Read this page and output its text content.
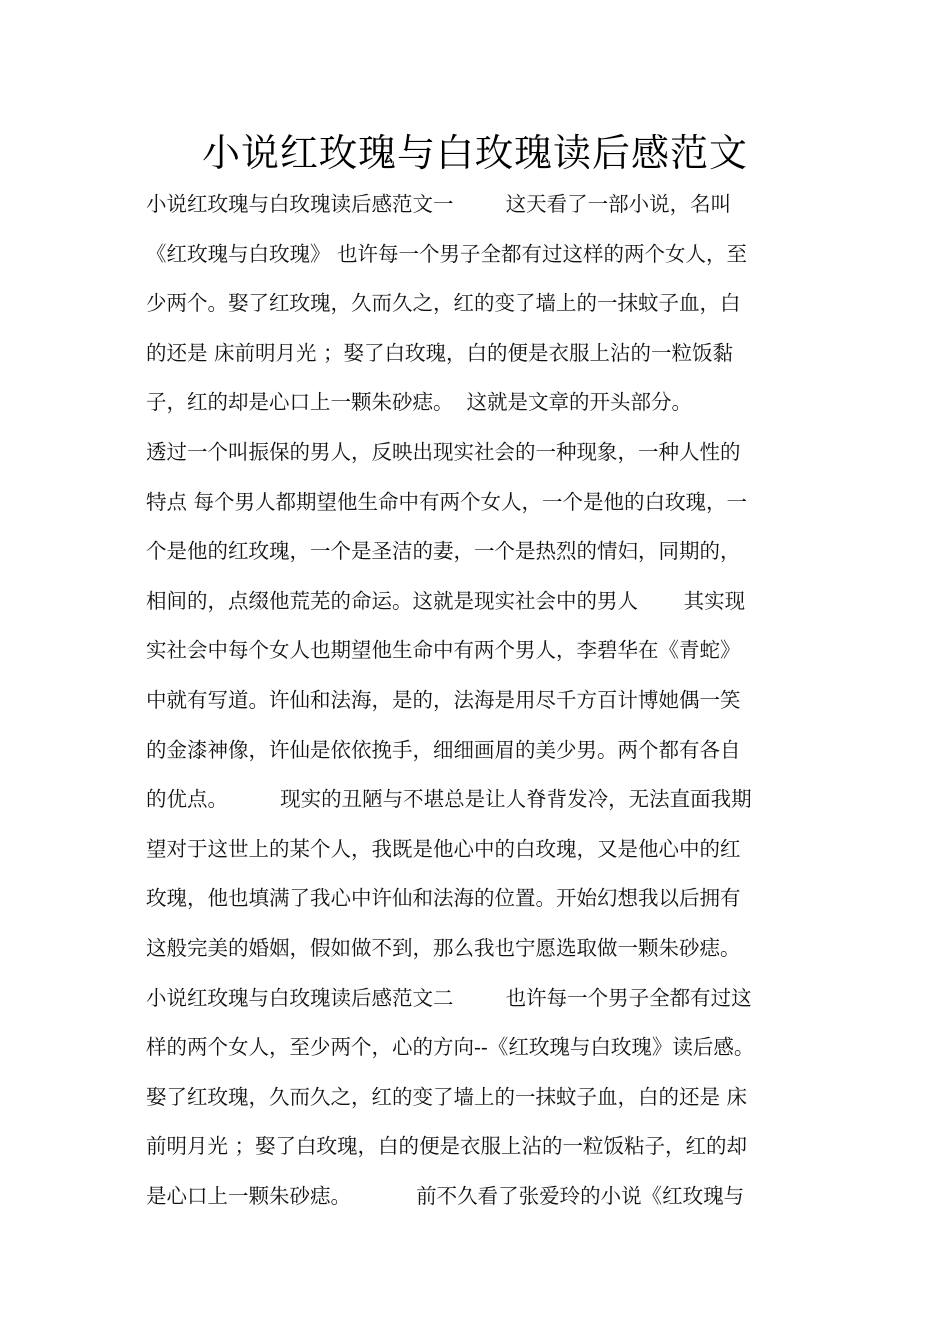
小说红玫瑰与白玫瑰读后感范文
小说红玫瑰与白玫瑰读后感范文一        这天看了一部小说，名叫
《红玫瑰与白玫瑰》 也许每一个男子全都有过这样的两个女人，至
少两个。娶了红玫瑰，久而久之，红的变了墙上的一抹蚊子血，白
的还是 床前明月光 ；娶了白玫瑰，白的便是衣服上沾的一粒饭黏
子，红的却是心口上一颗朱砂痣。  这就是文章的开头部分。
透过一个叫振保的男人，反映出现实社会的一种现象，一种人性的
特点 每个男人都期望他生命中有两个女人，一个是他的白玫瑰，一
个是他的红玫瑰，一个是圣洁的妻，一个是热烈的情妇，同期的，
相间的，点缀他荒芜的命运。这就是现实社会中的男人       其实现
实社会中每个女人也期望他生命中有两个男人，李碧华在《青蛇》
中就有写道。许仙和法海，是的，法海是用尽千方百计博她偶一笑
的金漆神像，许仙是依依挽手，细细画眉的美少男。两个都有各自
的优点。        现实的丑陋与不堪总是让人脊背发冷，无法直面我期
望对于这世上的某个人，我既是他心中的白玫瑰，又是他心中的红
玫瑰，他也填满了我心中许仙和法海的位置。开始幻想我以后拥有
这般完美的婚姻，假如做不到，那么我也宁愿选取做一颗朱砂痣。
小说红玫瑰与白玫瑰读后感范文二        也许每一个男子全都有过这
样的两个女人，至少两个，心的方向--《红玫瑰与白玫瑰》读后感。
娶了红玫瑰，久而久之，红的变了墙上的一抹蚊子血，白的还是 床
前明月光 ；娶了白玫瑰，白的便是衣服上沾的一粒饭粘子，红的却
是心口上一颗朱砂痣。          前不久看了张爱玲的小说《红玫瑰与
